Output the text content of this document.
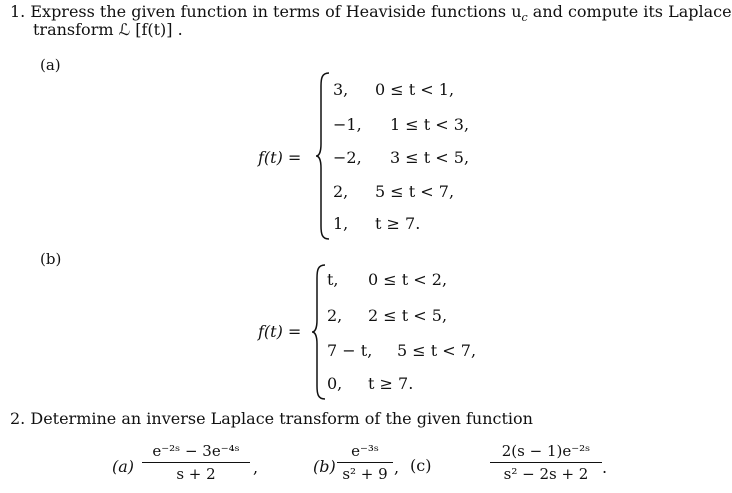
1. Express the given function in terms of Heaviside functions $u_c$ and compute its Laplace
transform ℒ [f(t)] .
(a)
f(t) =
3, 0 ≤ t < 1,
−1, 1 ≤ t < 3,
−2, 3 ≤ t < 5,
2, 5 ≤ t < 7,
1, t ≥ 7.
(b)
f(t) =
t, 0 ≤ t < 2,
2, 2 ≤ t < 5,
7 − t, 5 ≤ t < 7,
0, t ≥ 7.
2. Determine an inverse Laplace transform of the given function
(a)
e⁻²ˢ − 3e⁻⁴ˢ
s + 2	,	(b)
e⁻³ˢ
s² + 9 , (c)
2(s − 1)e⁻²ˢ
s² − 2s + 2 .
